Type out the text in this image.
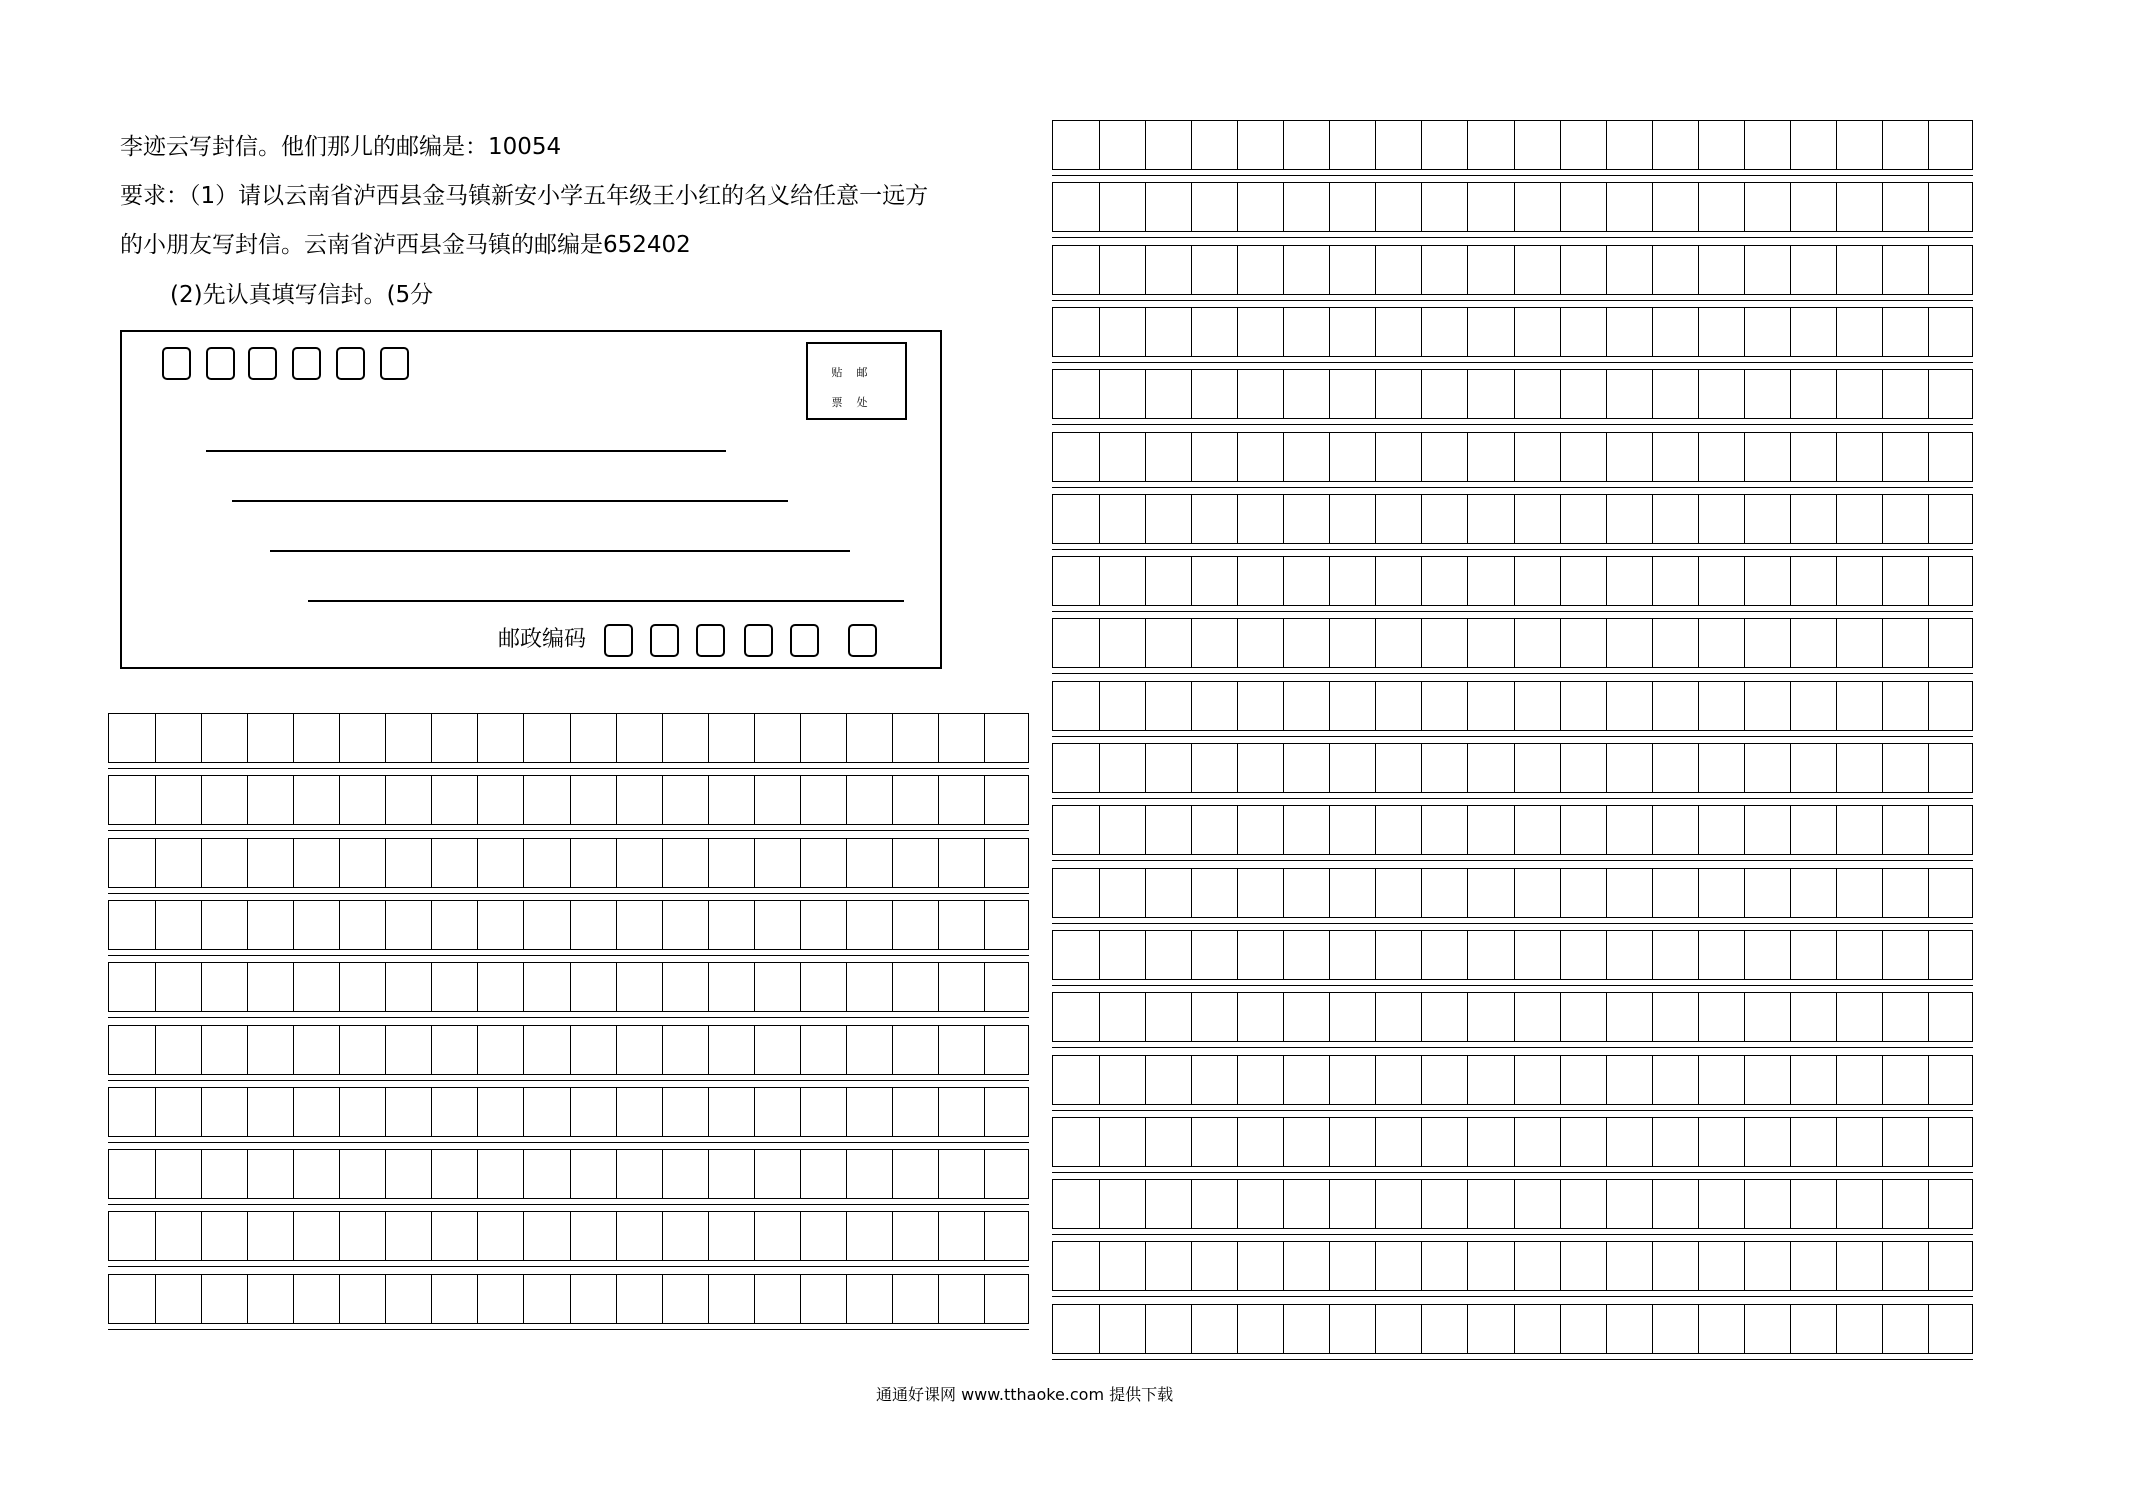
李迹云写封信。他们那儿的邮编是：10054
要求：（1）请以云南省泸西县金马镇新安小学五年级王小红的名义给任意一远方
的小朋友写封信。云南省泸西县金马镇的邮编是652402
(2)先认真填写信封。(5分
贴邮
票处
邮政编码
通通好课网 www.tthaoke.com 提供下载
